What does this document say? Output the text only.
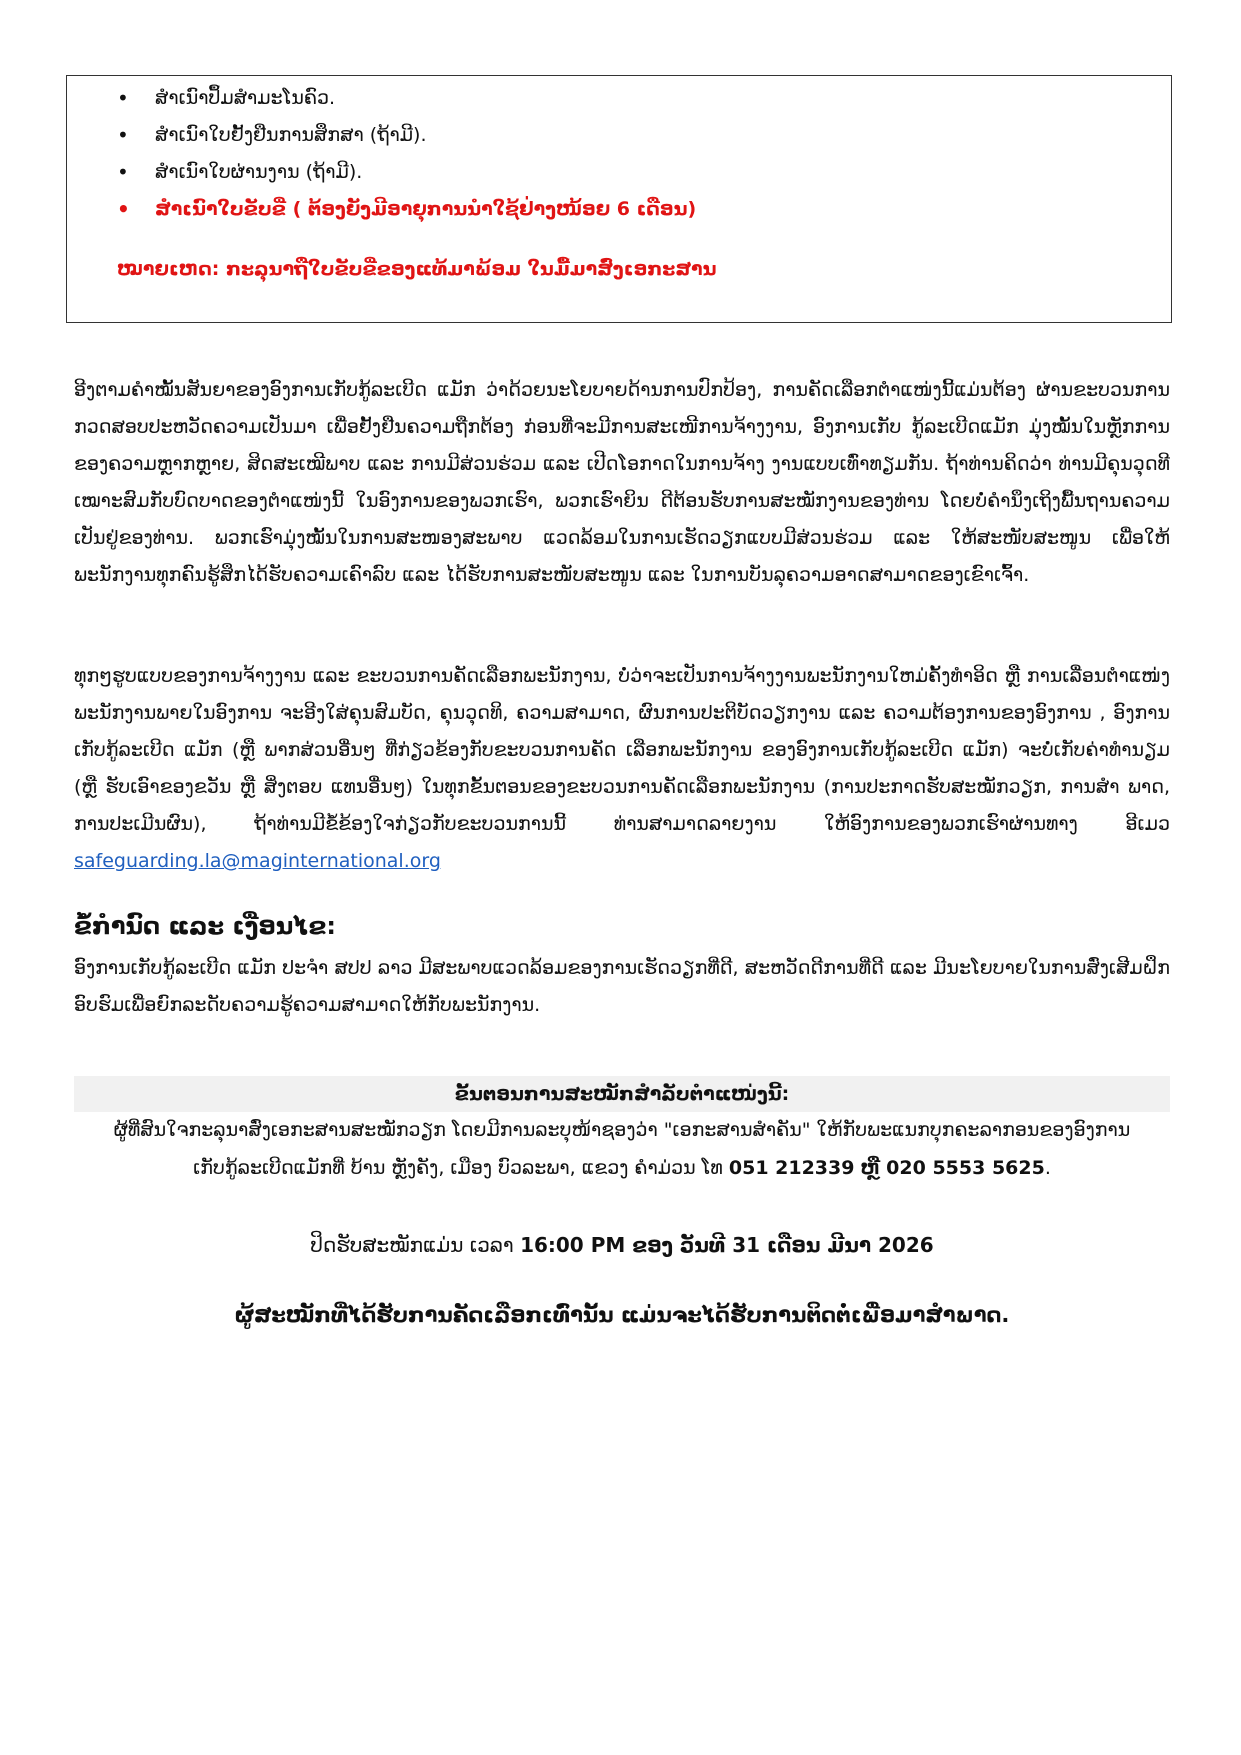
• ສຳເນົາປຶ້ມສຳມະໂນຄົວ.
• ສຳເນົາໃບຢັ້ງຢືນການສຶກສາ (ຖ້າມີ).
• ສຳເນົາໃບຜ່ານງານ (ຖ້າມີ).
• ສຳເນົາໃບຂັບຂີ່ ( ຕ້ອງຍັງມີອາຍຸການນຳໃຊ້ຢ່າງໜ້ອຍ 6 ເດືອນ)
ໝາຍເຫດ: ກະລຸນາຖືໃບຂັບຂີ່ຂອງແທ້ມາພ້ອມ ໃນມື້ມາສົ່ງເອກະສານ

ອີງຕາມຄຳໝັ້ນສັນຍາຂອງອົງການເກັບກູ້ລະເບີດ ແມັກ ວ່າດ້ວຍນະໂຍບາຍດ້ານການປົກປ້ອງ, ການຄັດເລືອກຕຳແໜ່ງນີ້ແມ່ນຕ້ອງ ຜ່ານຂະບວນການກວດສອບປະຫວັດຄວາມເປັນມາ ເພື່ອຢັ້ງຢືນຄວາມຖືກຕ້ອງ ກ່ອນທີ່ຈະມີການສະເໜີການຈ້າງງານ, ອົງການເກັບ ກູ້ລະເບີດແມັກ ມຸ່ງໝັ້ນໃນຫຼັກການຂອງຄວາມຫຼາກຫຼາຍ, ສິດສະເໝີພາບ ແລະ ການມີສ່ວນຮ່ວມ ແລະ ເປີດໂອກາດໃນການຈ້າງ ງານແບບເທົ່າທຽມກັນ. ຖ້າທ່ານຄິດວ່າ ທ່ານມີຄຸນວຸດທີເໝາະສົມກັບບົດບາດຂອງຕຳແໜ່ງນີ້ ໃນອົງການຂອງພວກເຮົາ, ພວກເຮົາຍິນ ດີຕ້ອນຮັບການສະໝັກງານຂອງທ່ານ ໂດຍບໍ່ຄຳນຶງເຖິງພື້ນຖານຄວາມເປັນຢູ່ຂອງທ່ານ. ພວກເຮົາມຸ່ງໝັ້ນໃນການສະໜອງສະພາບ ແວດລ້ອມໃນການເຮັດວຽກແບບມີສ່ວນຮ່ວມ ແລະ ໃຫ້ສະໜັບສະໜູນ ເພື່ອໃຫ້ພະນັກງານທຸກຄົນຮູ້ສຶກໄດ້ຮັບຄວາມເຄົາລົບ ແລະ ໄດ້ຮັບການສະໜັບສະໜູນ ແລະ ໃນການບັນລຸຄວາມອາດສາມາດຂອງເຂົາເຈົ້າ.

ທຸກໆຮູບແບບຂອງການຈ້າງງານ ແລະ ຂະບວນການຄັດເລືອກພະນັກງານ, ບໍ່ວ່າຈະເປັນການຈ້າງງານພະນັກງານໃຫມ່ຄັ້ງທຳອິດ ຫຼື ການເລື່ອນຕຳແໜ່ງພະນັກງານພາຍໃນອົງການ ຈະອີງໃສ່ຄຸນສົມບັດ, ຄຸນວຸດທິ, ຄວາມສາມາດ, ຜົນການປະຕິບັດວຽກງານ ແລະ ຄວາມຕ້ອງການຂອງອົງການ , ອົງການເກັບກູ້ລະເບີດ ແມັກ (ຫຼື ພາກສ່ວນອື່ນໆ ທີ່ກ່ຽວຂ້ອງກັບຂະບວນການຄັດ ເລືອກພະນັກງານ ຂອງອົງການເກັບກູ້ລະເບີດ ແມັກ) ຈະບໍ່ເກັບຄ່າທຳນຽມ (ຫຼື ຮັບເອົາຂອງຂວັນ ຫຼື ສິ່ງຕອບ ແທນອື່ນໆ) ໃນທຸກຂັ້ນຕອນຂອງຂະບວນການຄັດເລືອກພະນັກງານ (ການປະກາດຮັບສະໝັກວຽກ, ການສຳ ພາດ, ການປະເມີນຜົນ), ຖ້າທ່ານມີຂໍ້ຂ້ອງໃຈກ່ຽວກັບຂະບວນການນີ້ ທ່ານສາມາດລາຍງານ ໃຫ້ອົງການຂອງພວກເຮົາຜ່ານທາງ ອີເມວ safeguarding.la@maginternational.org

ຂໍ້ກຳນົດ ແລະ ເງື່ອນໄຂ:

ອົງການເກັບກູ້ລະເບີດ ແມັກ ປະຈຳ ສປປ ລາວ ມີສະພາບແວດລ້ອມຂອງການເຮັດວຽກທີ່ດີ, ສະຫວັດດີການທີ່ດີ ແລະ ມີນະໂຍບາຍໃນການສົ່ງເສີມຝຶກອົບຮົມເພື່ອຍົກລະດັບຄວາມຮູ້ຄວາມສາມາດໃຫ້ກັບພະນັກງານ.

ຂັ້ນຕອນການສະໝັກສຳລັບຕຳແໜ່ງນີ້:
ຜູ້ທີ່ສົນໃຈກະລຸນາສົ່ງເອກະສານສະໝັກວຽກ ໂດຍມີການລະບຸໜ້າຊອງວ່າ "ເອກະສານສຳຄັນ" ໃຫ້ກັບພະແນກບຸກຄະລາກອນຂອງອົງການ
ເກັບກູ້ລະເບີດແມັກທີ່ ບ້ານ ຫຼັງຄັງ, ເມືອງ ບົວລະພາ, ແຂວງ ຄຳມ່ວນ ໂທ 051 212339 ຫຼື 020 5553 5625.
ປິດຮັບສະໝັກແມ່ນ ເວລາ 16:00 PM ຂອງ ວັນທີ 31 ເດືອນ ມີນາ 2026
ຜູ້ສະໝັກທີ່ໄດ້ຮັບການຄັດເລືອກເທົ່ານັ້ນ ແມ່ນຈະໄດ້ຮັບການຕິດຕໍ່ເພື່ອມາສຳພາດ.
